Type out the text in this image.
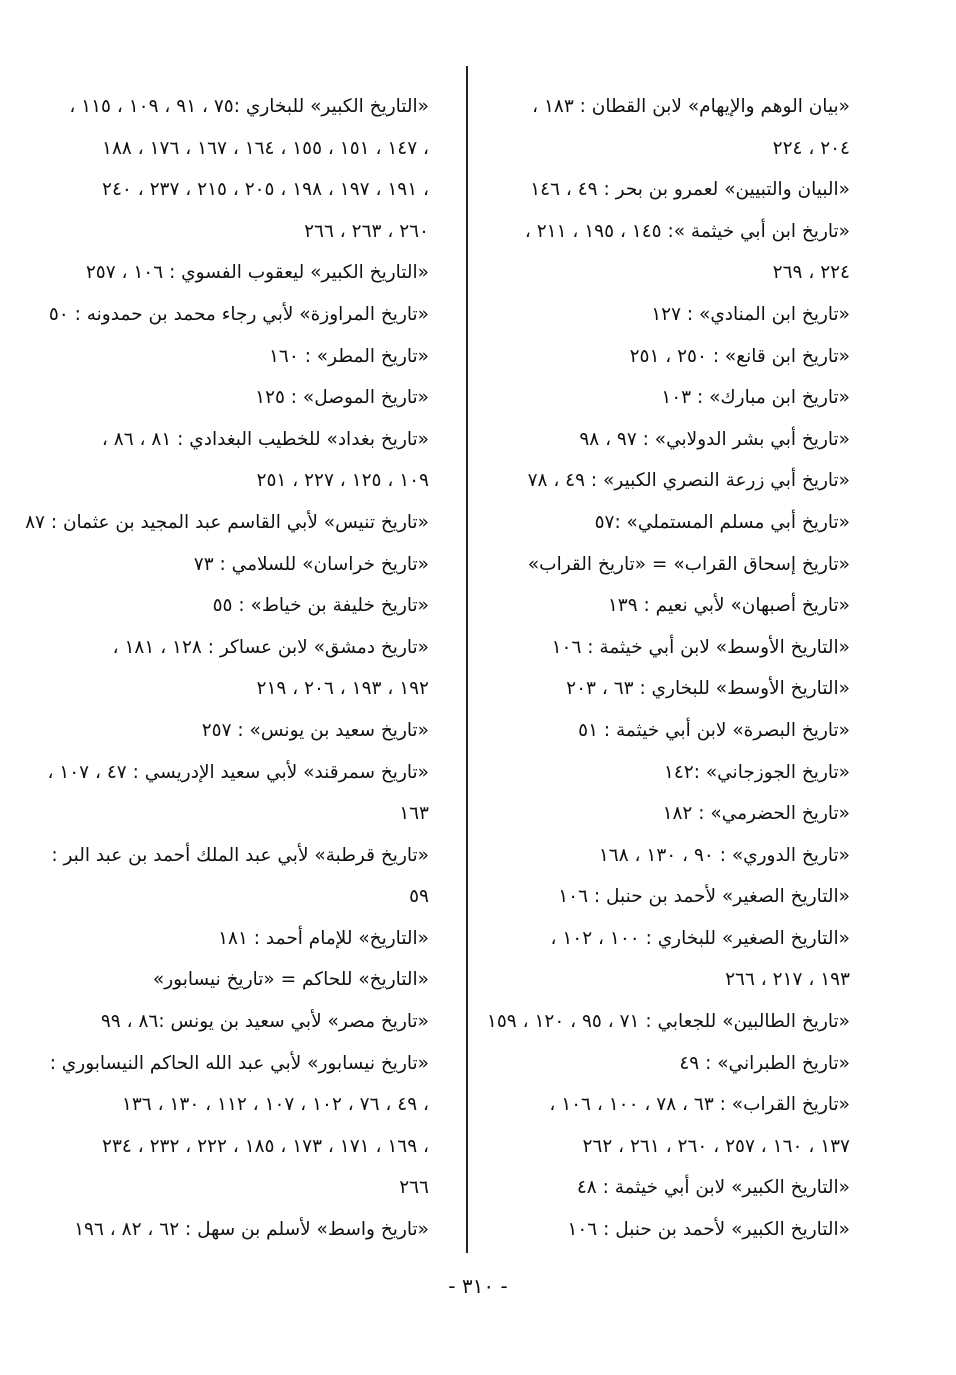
«بيان الوهم والإيهام» لابن القطان : ١٨٣ ،
٢٠٤ ، ٢٢٤
«البيان والتبيين» لعمرو بن بحر : ٤٩ ، ١٤٦
«تاريخ ابن أبي خيثمة »: ١٤٥ ، ١٩٥ ، ٢١١ ،
٢٢٤ ، ٢٦٩
«تاريخ ابن المنادي» : ١٢٧
«تاريخ ابن قانع» : ٢٥٠ ، ٢٥١
«تاريخ ابن مبارك» : ١٠٣
«تاريخ أبي بشر الدولابي» : ٩٧ ، ٩٨
«تاريخ أبي زرعة النصري الكبير» : ٤٩ ، ٧٨
«تاريخ أبي مسلم المستملي» :٥٧
«تاريخ إسحاق القراب» = «تاريخ القراب»
«تاريخ أصبهان» لأبي نعيم : ١٣٩
«التاريخ الأوسط» لابن أبي خيثمة : ١٠٦
«التاريخ الأوسط» للبخاري : ٦٣ ، ٢٠٣
«تاريخ البصرة» لابن أبي خيثمة : ٥١
«تاريخ الجوزجاني» :١٤٢
«تاريخ الحضرمي» : ١٨٢
«تاريخ الدوري» : ٩٠ ، ١٣٠ ، ١٦٨
«التاريخ الصغير» لأحمد بن حنبل : ١٠٦
«التاريخ الصغير» للبخاري : ١٠٠ ، ١٠٢ ،
١٩٣ ، ٢١٧ ، ٢٦٦
«تاريخ الطالبين» للجعابي : ٧١ ، ٩٥ ، ١٢٠ ، ١٥٩
«تاريخ الطبراني» : ٤٩
«تاريخ القراب» : ٦٣ ، ٧٨ ، ١٠٠ ، ١٠٦ ،
١٣٧ ، ١٦٠ ، ٢٥٧ ، ٢٦٠ ، ٢٦١ ، ٢٦٢
«التاريخ الكبير» لابن أبي خيثمة : ٤٨
«التاريخ الكبير» لأحمد بن حنبل : ١٠٦
«التاريخ الكبير» للبخاري :٧٥ ، ٩١ ، ١٠٩ ، ١١٥ ،
١٤٧ ، ١٥١ ، ١٥٥ ، ١٦٤ ، ١٦٧ ، ١٧٦ ، ١٨٨ ،
١٩١ ، ١٩٧ ، ١٩٨ ، ٢٠٥ ، ٢١٥ ، ٢٣٧ ، ٢٤٠ ،
٢٦٠ ، ٢٦٣ ، ٢٦٦
«التاريخ الكبير» ليعقوب الفسوي : ١٠٦ ، ٢٥٧
«تاريخ المراوزة» لأبي رجاء محمد بن حمدونه : ٥٠
«تاريخ المطر» : ١٦٠
«تاريخ الموصل» : ١٢٥
«تاريخ بغداد» للخطيب البغدادي : ٨١ ، ٨٦ ،
١٠٩ ، ١٢٥ ، ٢٢٧ ، ٢٥١
«تاريخ تنيس» لأبي القاسم عبد المجيد بن عثمان : ٨٧
«تاريخ خراسان» للسلامي : ٧٣
«تاريخ خليفة بن خياط» : ٥٥
«تاريخ دمشق» لابن عساكر : ١٢٨ ، ١٨١ ،
١٩٢ ، ١٩٣ ، ٢٠٦ ، ٢١٩
«تاريخ سعيد بن يونس» : ٢٥٧
«تاريخ سمرقند» لأبي سعيد الإدريسي : ٤٧ ، ١٠٧ ،
١٦٣
«تاريخ قرطبة» لأبي عبد الملك أحمد بن عبد البر :
٥٩
«التاريخ» للإمام أحمد : ١٨١
«التاريخ» للحاكم = «تاريخ نيسابور»
«تاريخ مصر» لأبي سعيد بن يونس :٨٦ ، ٩٩
«تاريخ نيسابور» لأبي عبد الله الحاكم النيسابوري :
٤٩ ، ٧٦ ، ١٠٢ ، ١٠٧ ، ١١٢ ، ١٣٠ ، ١٣٦ ،
١٦٩ ، ١٧١ ، ١٧٣ ، ١٨٥ ، ٢٢٢ ، ٢٣٢ ، ٢٣٤ ،
٢٦٦
«تاريخ واسط» لأسلم بن سهل : ٦٢ ، ٨٢ ، ١٩٦
- ٣١٠ -
